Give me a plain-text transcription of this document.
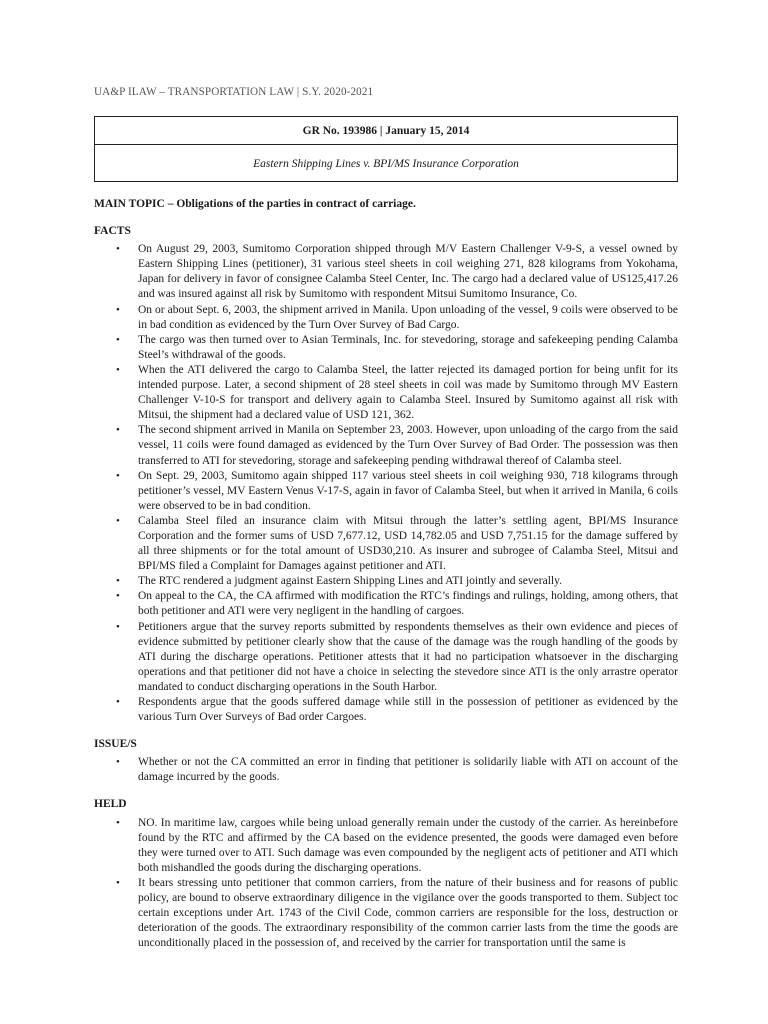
UA&P ILAW – TRANSPORTATION LAW | S.Y. 2020-2021
GR No. 193986 | January 15, 2014
Eastern Shipping Lines v. BPI/MS Insurance Corporation
MAIN TOPIC – Obligations of the parties in contract of carriage.
FACTS
• On August 29, 2003, Sumitomo Corporation shipped through M/V Eastern Challenger V-9-S, a vessel owned by Eastern Shipping Lines (petitioner), 31 various steel sheets in coil weighing 271, 828 kilograms from Yokohama, Japan for delivery in favor of consignee Calamba Steel Center, Inc. The cargo had a declared value of US125,417.26 and was insured against all risk by Sumitomo with respondent Mitsui Sumitomo Insurance, Co.
• On or about Sept. 6, 2003, the shipment arrived in Manila. Upon unloading of the vessel, 9 coils were observed to be in bad condition as evidenced by the Turn Over Survey of Bad Cargo.
• The cargo was then turned over to Asian Terminals, Inc. for stevedoring, storage and safekeeping pending Calamba Steel’s withdrawal of the goods.
• When the ATI delivered the cargo to Calamba Steel, the latter rejected its damaged portion for being unfit for its intended purpose. Later, a second shipment of 28 steel sheets in coil was made by Sumitomo through MV Eastern Challenger V-10-S for transport and delivery again to Calamba Steel. Insured by Sumitomo against all risk with Mitsui, the shipment had a declared value of USD 121, 362.
• The second shipment arrived in Manila on September 23, 2003. However, upon unloading of the cargo from the said vessel, 11 coils were found damaged as evidenced by the Turn Over Survey of Bad Order. The possession was then transferred to ATI for stevedoring, storage and safekeeping pending withdrawal thereof of Calamba steel.
• On Sept. 29, 2003, Sumitomo again shipped 117 various steel sheets in coil weighing 930, 718 kilograms through petitioner’s vessel, MV Eastern Venus V-17-S, again in favor of Calamba Steel, but when it arrived in Manila, 6 coils were observed to be in bad condition.
• Calamba Steel filed an insurance claim with Mitsui through the latter’s settling agent, BPI/MS Insurance Corporation and the former sums of USD 7,677.12, USD 14,782.05 and USD 7,751.15 for the damage suffered by all three shipments or for the total amount of USD30,210. As insurer and subrogee of Calamba Steel, Mitsui and BPI/MS filed a Complaint for Damages against petitioner and ATI.
• The RTC rendered a judgment against Eastern Shipping Lines and ATI jointly and severally.
• On appeal to the CA, the CA affirmed with modification the RTC’s findings and rulings, holding, among others, that both petitioner and ATI were very negligent in the handling of cargoes.
• Petitioners argue that the survey reports submitted by respondents themselves as their own evidence and pieces of evidence submitted by petitioner clearly show that the cause of the damage was the rough handling of the goods by ATI during the discharge operations. Petitioner attests that it had no participation whatsoever in the discharging operations and that petitioner did not have a choice in selecting the stevedore since ATI is the only arrastre operator mandated to conduct discharging operations in the South Harbor.
• Respondents argue that the goods suffered damage while still in the possession of petitioner as evidenced by the various Turn Over Surveys of Bad order Cargoes.
ISSUE/S
• Whether or not the CA committed an error in finding that petitioner is solidarily liable with ATI on account of the damage incurred by the goods.
HELD
• NO. In maritime law, cargoes while being unload generally remain under the custody of the carrier. As hereinbefore found by the RTC and affirmed by the CA based on the evidence presented, the goods were damaged even before they were turned over to ATI. Such damage was even compounded by the negligent acts of petitioner and ATI which both mishandled the goods during the discharging operations.
• It bears stressing unto petitioner that common carriers, from the nature of their business and for reasons of public policy, are bound to observe extraordinary diligence in the vigilance over the goods transported to them. Subject toc certain exceptions under Art. 1743 of the Civil Code, common carriers are responsible for the loss, destruction or deterioration of the goods. The extraordinary responsibility of the common carrier lasts from the time the goods are unconditionally placed in the possession of, and received by the carrier for transportation until the same is
